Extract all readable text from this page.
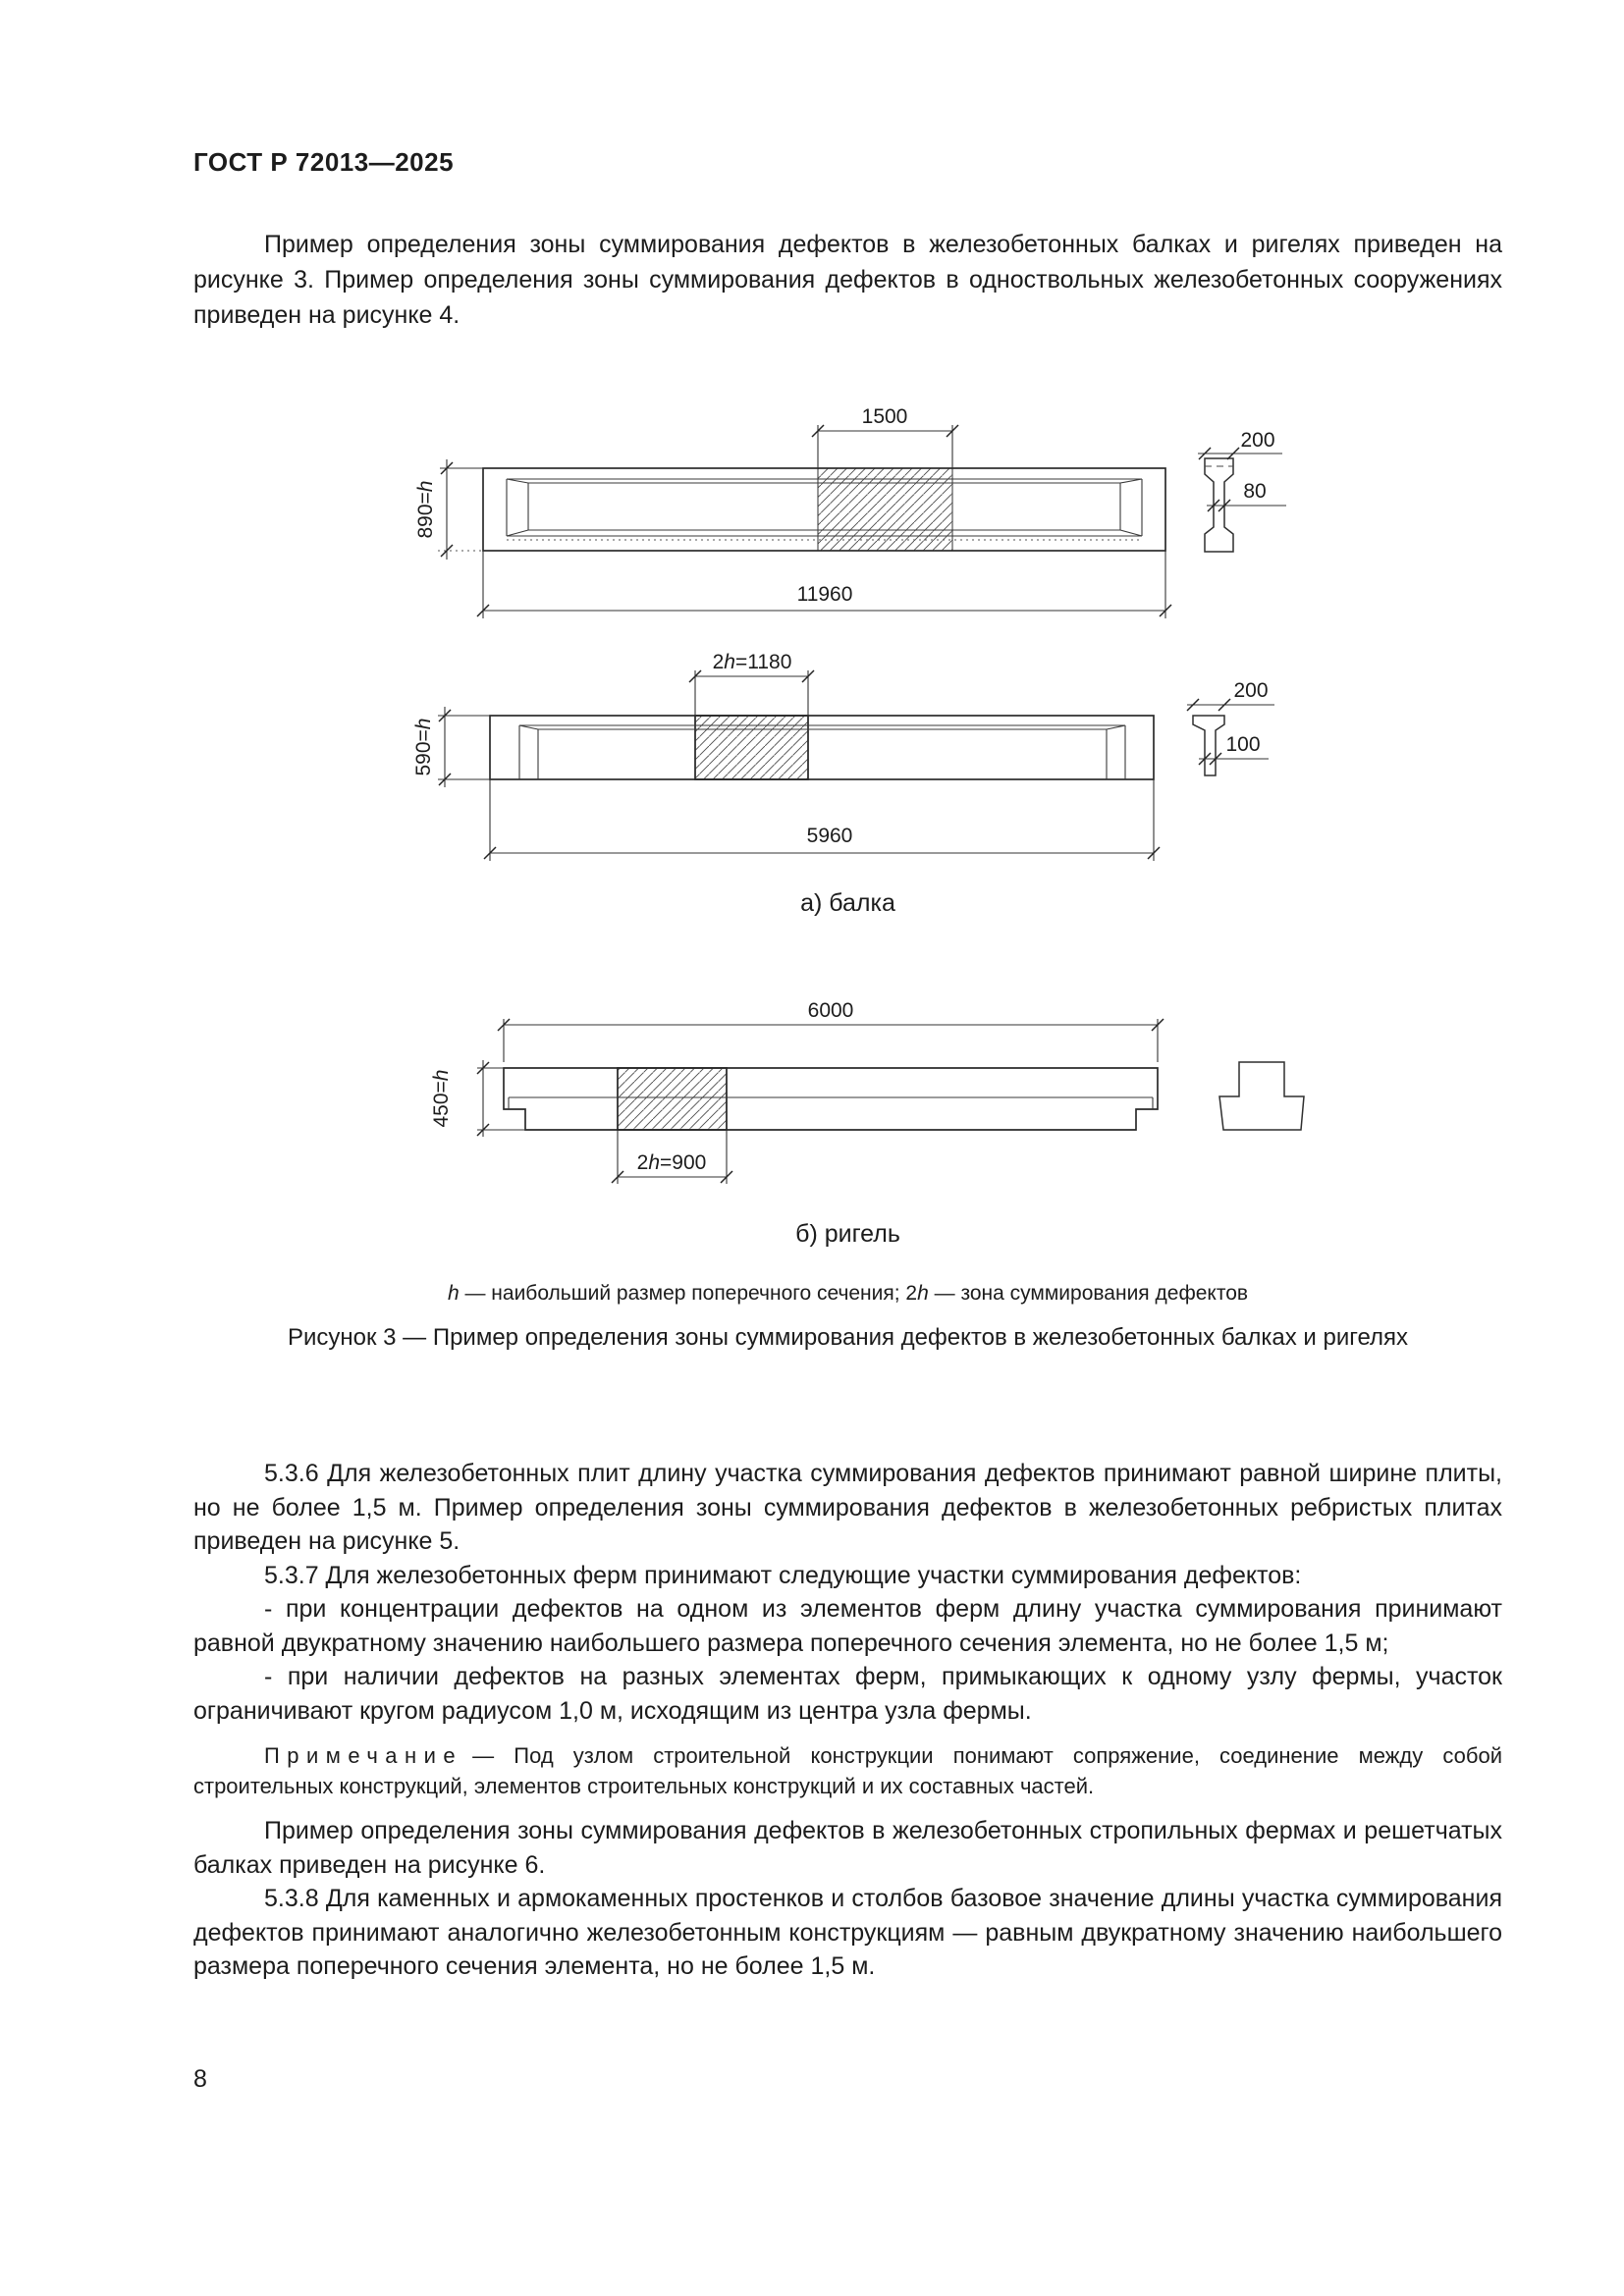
ГОСТ Р 72013—2025

Пример определения зоны суммирования дефектов в железобетонных балках и ригелях приведен на рисунке 3. Пример определения зоны суммирования дефектов в одноствольных железобетонных сооружениях приведен на рисунке 4.

1500
890=h
11960
200
80
2h=1180
590=h
5960
200
100
6000
450=h
2h=900
а) балка
б) ригель
h — наибольший размер поперечного сечения; 2h — зона суммирования дефектов
Рисунок 3 — Пример определения зоны суммирования дефектов в железобетонных балках и ригелях

5.3.6 Для железобетонных плит длину участка суммирования дефектов принимают равной ширине плиты, но не более 1,5 м. Пример определения зоны суммирования дефектов в железобетонных ребристых плитах приведен на рисунке 5.

5.3.7 Для железобетонных ферм принимают следующие участки суммирования дефектов:

- при концентрации дефектов на одном из элементов ферм длину участка суммирования принимают равной двукратному значению наибольшего размера поперечного сечения элемента, но не более 1,5 м;

- при наличии дефектов на разных элементах ферм, примыкающих к одному узлу фермы, участок ограничивают кругом радиусом 1,0 м, исходящим из центра узла фермы.

Примечание — Под узлом строительной конструкции понимают сопряжение, соединение между собой строительных конструкций, элементов строительных конструкций и их составных частей.

Пример определения зоны суммирования дефектов в железобетонных стропильных фермах и решетчатых балках приведен на рисунке 6.

5.3.8 Для каменных и армокаменных простенков и столбов базовое значение длины участка суммирования дефектов принимают аналогично железобетонным конструкциям — равным двукратному значению наибольшего размера поперечного сечения элемента, но не более 1,5 м.

8
